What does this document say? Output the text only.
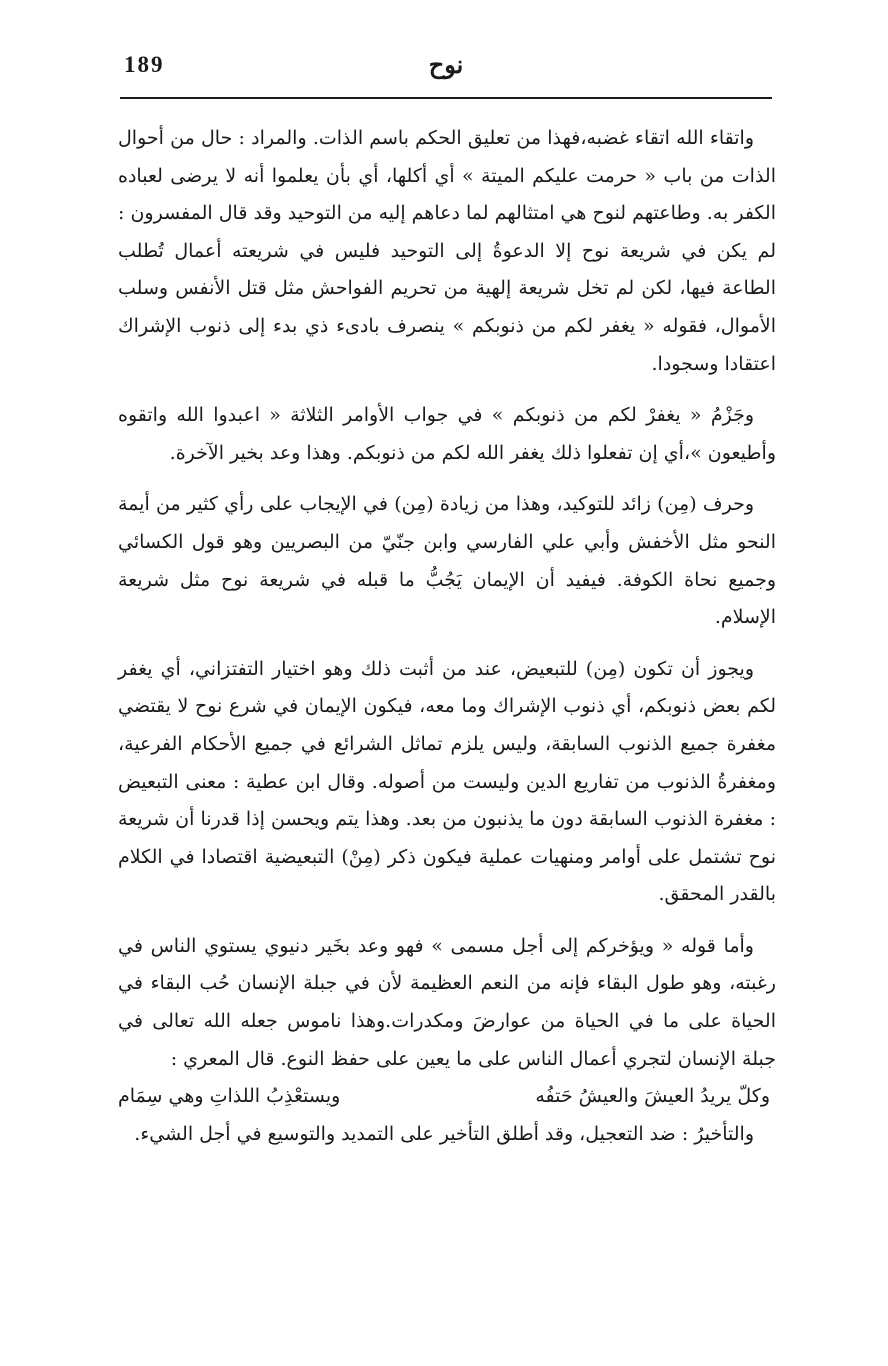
189	نوح

واتقاء الله اتقاء غضبه،فهذا من تعليق الحكم باسم الذات. والمراد : حال من أحوال الذات من باب « حرمت عليكم الميتة » أي أكلها، أي بأن يعلموا أنه لا يرضى لعباده الكفر به. وطاعتهم لنوح هي امتثالهم لما دعاهم إليه من التوحيد وقد قال المفسرون : لم يكن في شريعة نوح إلا الدعوةُ إلى التوحيد فليس في شريعته أعمال تُطلب الطاعة فيها، لكن لم تخل شريعة إلهية من تحريم الفواحش مثل قتل الأنفس وسلب الأموال، فقوله « يغفر لكم من ذنوبكم » ينصرف بادىء ذي بدء إلى ذنوب الإشراك اعتقادا وسجودا.

وجَزْمُ « يغفرْ لكم من ذنوبكم » في جواب الأوامر الثلاثة « اعبدوا الله واتقوه وأطيعون »،أي إن تفعلوا ذلك يغفر الله لكم من ذنوبكم. وهذا وعد بخير الآخرة.

وحرف (مِن) زائد للتوكيد، وهذا من زيادة (مِن) في الإيجاب على رأي كثير من أيمة النحو مثل الأخفش وأبي علي الفارسي وابن جنّيّ من البصريين وهو قول الكسائي وجميع نحاة الكوفة. فيفيد أن الإيمان يَجُبُّ ما قبله في شريعة نوح مثل شريعة الإسلام.

ويجوز أن تكون (مِن) للتبعيض، عند من أثبت ذلك وهو اختيار التفتزاني، أي يغفر لكم بعض ذنوبكم، أي ذنوب الإشراك وما معه، فيكون الإيمان في شرع نوح لا يقتضي مغفرة جميع الذنوب السابقة، وليس يلزم تماثل الشرائع في جميع الأحكام الفرعية، ومغفرةُ الذنوب من تفاريع الدين وليست من أصوله. وقال ابن عطية : معنى التبعيض : مغفرة الذنوب السابقة دون ما يذنبون من بعد. وهذا يتم ويحسن إذا قدرنا أن شريعة نوح تشتمل على أوامر ومنهيات عملية فيكون ذكر (مِنْ) التبعيضية اقتصادا في الكلام بالقدر المحقق.

وأما قوله « ويؤخركم إلى أجل مسمى » فهو وعد بخَير دنيوي يستوي الناس في رغبته، وهو طول البقاء فإنه من النعم العظيمة لأن في جبلة الإنسان حُب البقاء في الحياة على ما في الحياة من عوارضَ ومكدرات.وهذا ناموس جعله الله تعالى في جبلة الإنسان لتجري أعمال الناس على ما يعين على حفظ النوع. قال المعري :

وكلّ يريدُ العيشَ والعيشُ حَتفُه
ويستعْذِبُ اللذاتِ وهي سِمَام

والتأخيرُ : ضد التعجيل، وقد أطلق التأخير على التمديد والتوسيع في أجل الشيء.
